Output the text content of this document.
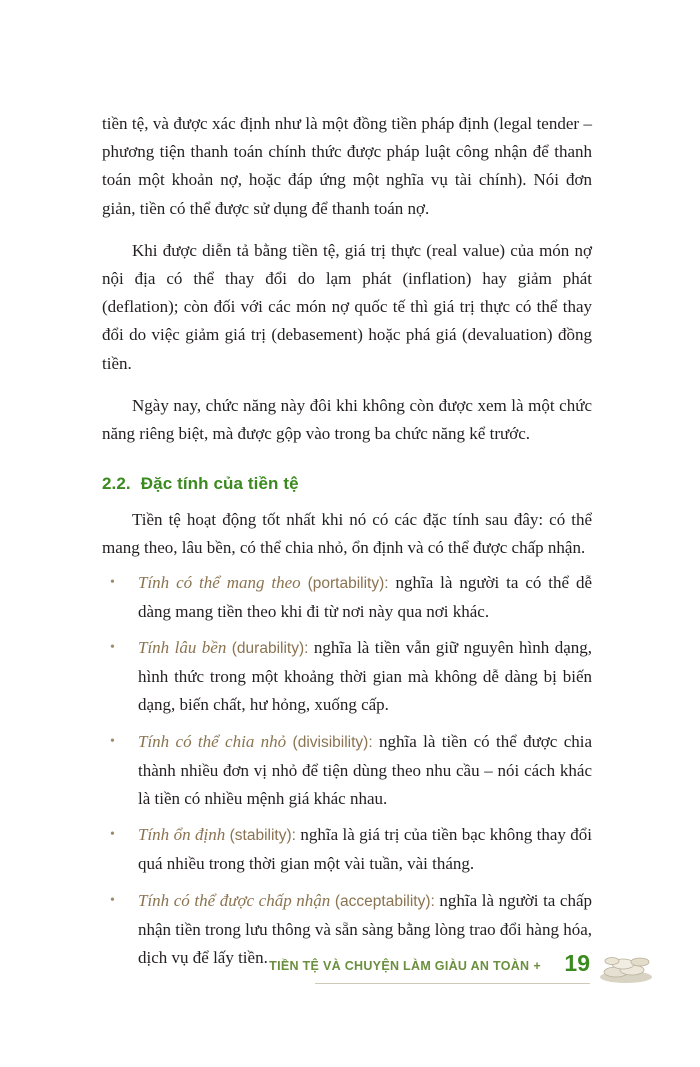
tiền tệ, và được xác định như là một đồng tiền pháp định (legal tender – phương tiện thanh toán chính thức được pháp luật công nhận để thanh toán một khoản nợ, hoặc đáp ứng một nghĩa vụ tài chính). Nói đơn giản, tiền có thể được sử dụng để thanh toán nợ.

Khi được diễn tả bằng tiền tệ, giá trị thực (real value) của món nợ nội địa có thể thay đổi do lạm phát (inflation) hay giảm phát (deflation); còn đối với các món nợ quốc tế thì giá trị thực có thể thay đổi do việc giảm giá trị (debasement) hoặc phá giá (devaluation) đồng tiền.

Ngày nay, chức năng này đôi khi không còn được xem là một chức năng riêng biệt, mà được gộp vào trong ba chức năng kể trước.

2.2. Đặc tính của tiền tệ

Tiền tệ hoạt động tốt nhất khi nó có các đặc tính sau đây: có thể mang theo, lâu bền, có thể chia nhỏ, ổn định và có thể được chấp nhận.

• Tính có thể mang theo (portability): nghĩa là người ta có thể dễ dàng mang tiền theo khi đi từ nơi này qua nơi khác.
• Tính lâu bền (durability): nghĩa là tiền vẫn giữ nguyên hình dạng, hình thức trong một khoảng thời gian mà không dễ dàng bị biến dạng, biến chất, hư hỏng, xuống cấp.
• Tính có thể chia nhỏ (divisibility): nghĩa là tiền có thể được chia thành nhiều đơn vị nhỏ để tiện dùng theo nhu cầu – nói cách khác là tiền có nhiều mệnh giá khác nhau.
• Tính ổn định (stability): nghĩa là giá trị của tiền bạc không thay đổi quá nhiều trong thời gian một vài tuần, vài tháng.
• Tính có thể được chấp nhận (acceptability): nghĩa là người ta chấp nhận tiền trong lưu thông và sẵn sàng bằng lòng trao đổi hàng hóa, dịch vụ để lấy tiền. TIỀN TỆ VÀ CHUYỆN LÀM GIÀU AN TOÀN + 19
